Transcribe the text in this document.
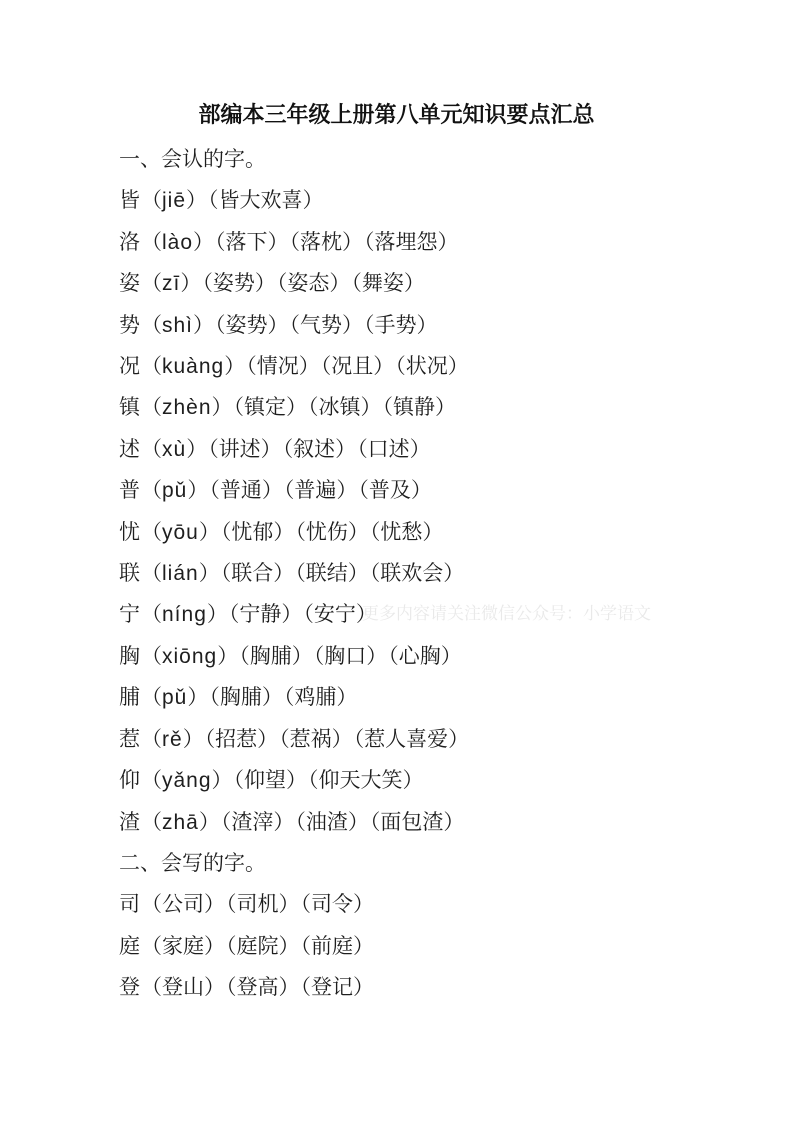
部编本三年级上册第八单元知识要点汇总
一、会认的字。
皆（jiē）（皆大欢喜）
洛（lào）（落下）（落枕）（落埋怨）
姿（zī）（姿势）（姿态）（舞姿）
势（shì）（姿势）（气势）（手势）
况（kuàng）（情况）（况且）（状况）
镇（zhèn）（镇定）（冰镇）（镇静）
述（xù）（讲述）（叙述）（口述）
普（pǔ）（普通）（普遍）（普及）
忧（yōu）（忧郁）（忧伤）（忧愁）
联（lián）（联合）（联结）（联欢会）
宁（níng）（宁静）（安宁）
胸（xiōng）（胸脯）（胸口）（心胸）
脯（pǔ）（胸脯）（鸡脯）
惹（rě）（招惹）（惹祸）（惹人喜爱）
仰（yǎng）（仰望）（仰天大笑）
渣（zhā）（渣滓）（油渣）（面包渣）
二、会写的字。
司（公司）（司机）（司令）
庭（家庭）（庭院）（前庭）
登（登山）（登高）（登记）
更多内容请关注微信公众号：小学语文
